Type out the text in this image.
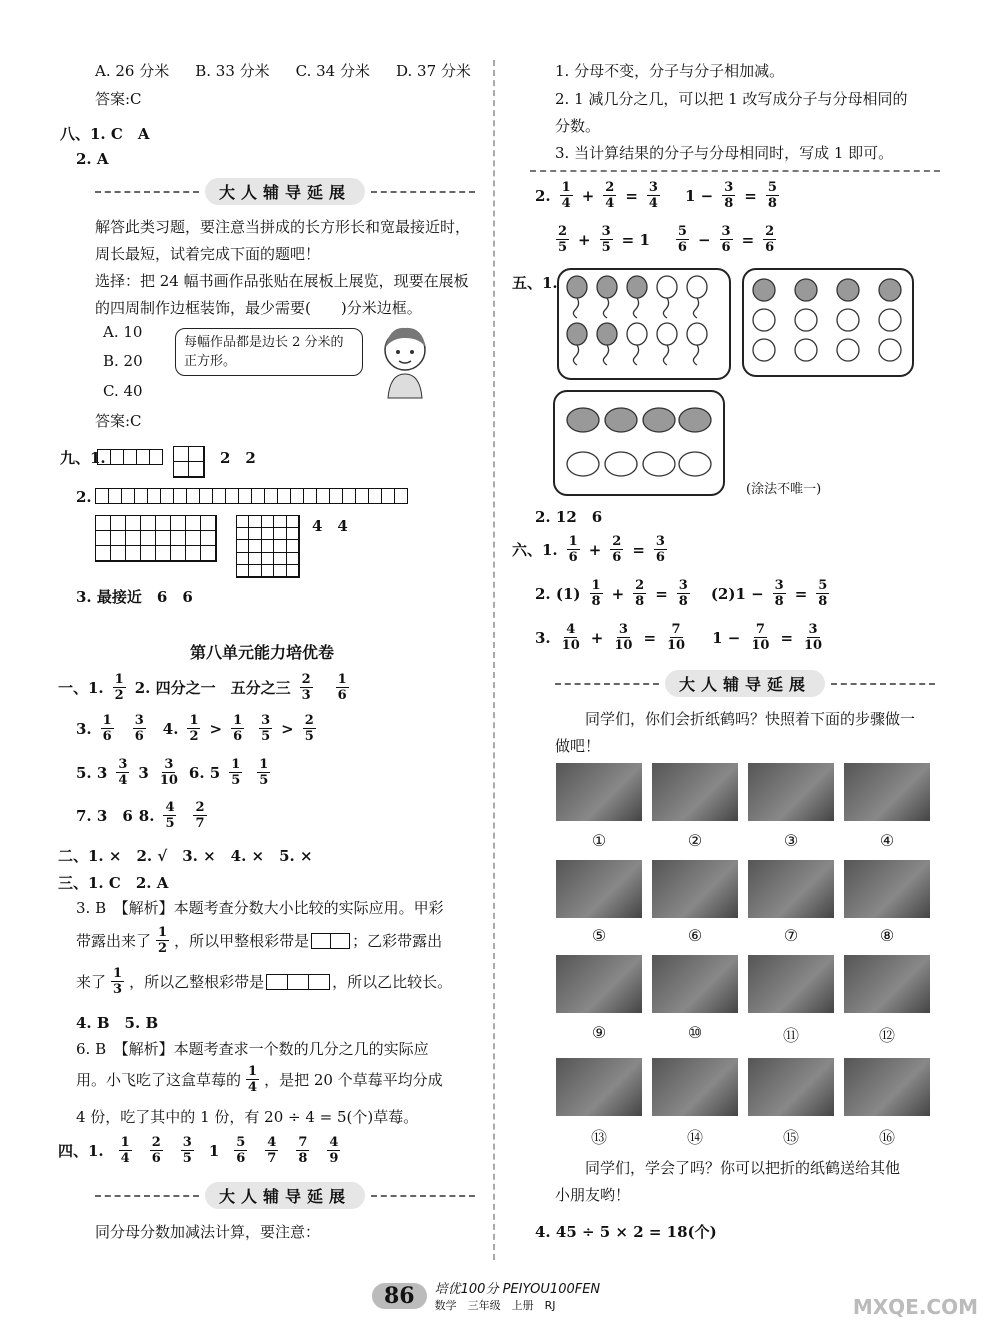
A. 26 分米 B. 33 分米 C. 34 分米 D. 37 分米
答案:C
八、1. C　A
2. A
大人辅导延展
解答此类习题，要注意当拼成的长方形长和宽最接近时，
周长最短，试着完成下面的题吧！
选择：把 24 幅书画作品张贴在展板上展览，现要在展板
的四周制作边框装饰，最少需要(　　)分米边框。
A. 10
B. 20
C. 40
每幅作品都是边长 2 分米的正方形。
答案:C
九、1.	2　2
2.
4　4
3. 最接近　6　6
第八单元能力培优卷
一、1. $\frac{1}{2} 2$. 四分之一　五分之三 $\frac{2}{3} \frac{1}{6}$
3. $\frac{1}{6} \frac{3}{6} 4$. $\frac{1}{2} > \frac{1}{6} \frac{3}{5} > \frac{2}{5}$
5. $3 \frac{3}{4} 3 \frac{3}{10} 6$. $5 \frac{1}{5} \frac{1}{5}$
7. 3　6 8. $\frac{4}{5} \frac{2}{7}$
二、1. ×　2. √　3. ×　4. ×　5. ×
三、1. C　2. A
3. B　【解析】本题考查分数大小比较的实际应用。甲彩
带露出来了 $\frac{1}{2}$ ，所以甲整根彩带是	；乙彩带露出
来了 $\frac{1}{3}$ ，所以乙整根彩带是	，所以乙比较长。
4. B　5. B
6. B　【解析】本题考查求一个数的几分之几的实际应
用。小飞吃了这盒草莓的 $\frac{1}{4}$ ，是把 20 个草莓平均分成
4 份，吃了其中的 1 份，有 20 ÷ 4 = 5(个)草莓。
四、1. $\frac{1}{4} \frac{2}{6} \frac{3}{5} 1 \frac{5}{6} \frac{4}{7} \frac{7}{8} \frac{4}{9}$
大人辅导延展
同分母分数加减法计算，要注意：
1. 分母不变，分子与分子相加减。
2. 1 减几分之几，可以把 1 改写成分子与分母相同的
分数。
3. 当计算结果的分子与分母相同时，写成 1 即可。
2. $\frac{1}{4} + \frac{2}{4} = \frac{3}{4} 1 - \frac{3}{8} = \frac{5}{8}$
$\frac{2}{5} + \frac{3}{5} = 1 \frac{5}{6} - \frac{3}{6} = \frac{2}{6}$
五、1.
(涂法不唯一)
2. 12　6
六、1. $\frac{1}{6} + \frac{2}{6} = \frac{3}{6}$
2. $(1) \frac{1}{8} + \frac{2}{8} = \frac{3}{8} (2)1 - \frac{3}{8} = \frac{5}{8}$
3. $\frac{4}{10} + \frac{3}{10} = \frac{7}{10} 1 - \frac{7}{10} = \frac{3}{10}$
大人辅导延展
同学们，你们会折纸鹤吗？快照着下面的步骤做一
做吧！
①	②	③	④
⑤	⑥	⑦	⑧
⑨	⑩	⑪	⑫
⑬	⑭	⑮	⑯
同学们，学会了吗？你可以把折的纸鹤送给其他
小朋友哟！
4. 45 ÷ 5 × 2 = 18(个)
86	培优100分 PEIYOU100FEN
数学　三年级　上册　RJ	MXQE.COM
